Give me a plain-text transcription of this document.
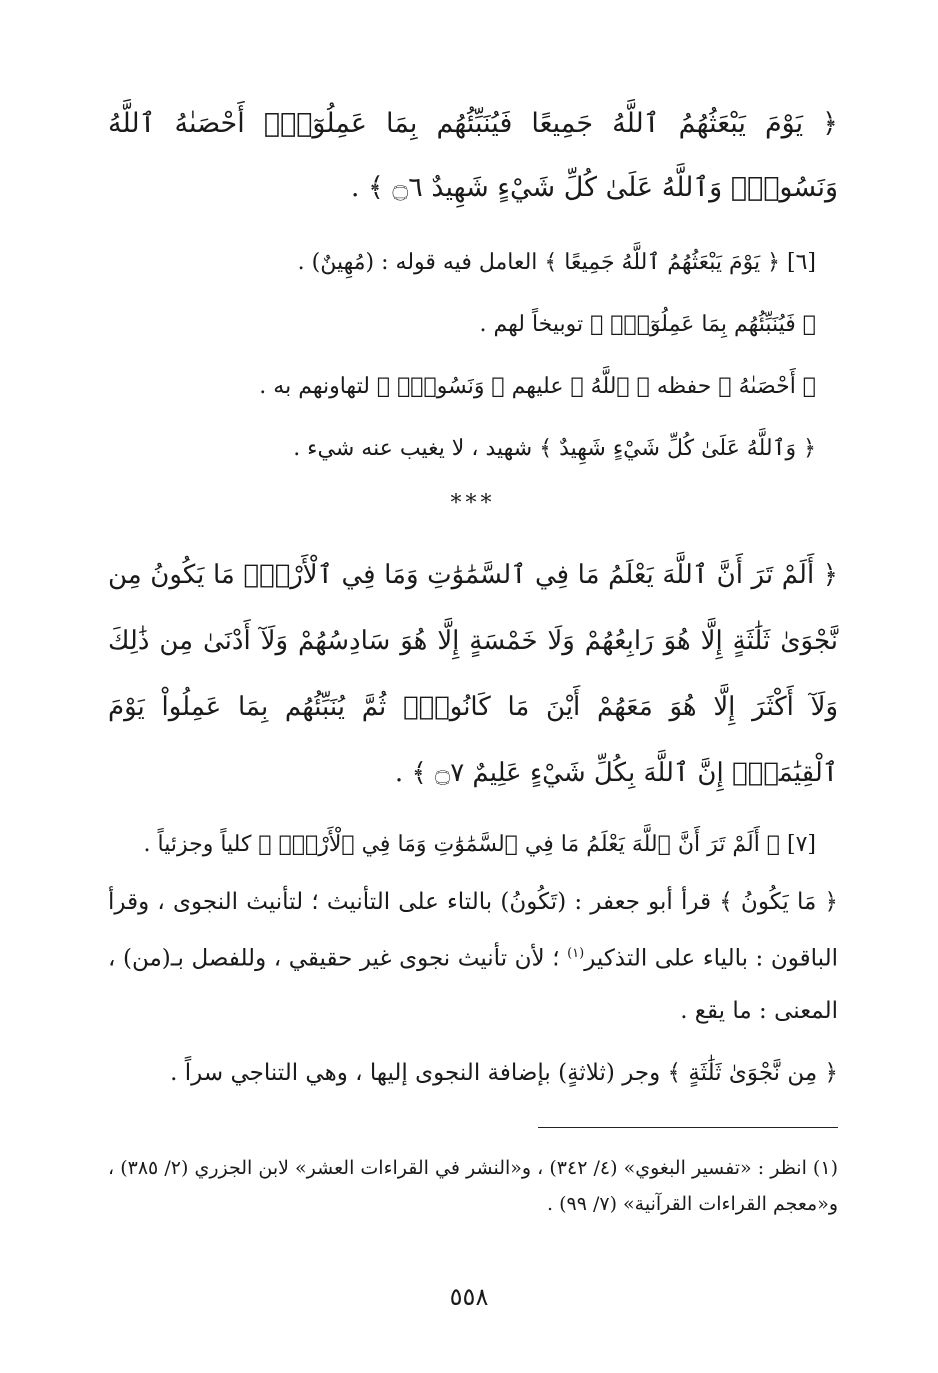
﴿ يَوْمَ يَبْعَثُهُمُ ٱللَّهُ جَمِيعًا فَيُنَبِّئُهُم بِمَا عَمِلُوٓاْۚ أَحْصَىٰهُ ٱللَّهُ وَنَسُوهُۚ وَٱللَّهُ عَلَىٰ كُلِّ شَيْءٍ شَهِيدٌ ۝٦ ﴾ .

[٦] ﴿ يَوْمَ يَبْعَثُهُمُ ٱللَّهُ جَمِيعًا ﴾ العامل فيه قوله : (مُهِينٌ) .

﴿ فَيُنَبِّئُهُم بِمَا عَمِلُوٓاْۚ ﴾ توبيخاً لهم .

﴿ أَحْصَىٰهُ ﴾ حفظه ﴿ ٱللَّهُ ﴾ عليهم ﴿ وَنَسُوهُۚ ﴾ لتهاونهم به .

﴿ وَٱللَّهُ عَلَىٰ كُلِّ شَيْءٍ شَهِيدٌ ﴾ شهيد ، لا يغيب عنه شيء .

***

﴿ أَلَمْ تَرَ أَنَّ ٱللَّهَ يَعْلَمُ مَا فِي ٱلسَّمَٰوَٰتِ وَمَا فِي ٱلْأَرْضِۖ مَا يَكُونُ مِن نَّجْوَىٰ ثَلَٰثَةٍ إِلَّا هُوَ رَابِعُهُمْ وَلَا خَمْسَةٍ إِلَّا هُوَ سَادِسُهُمْ وَلَآ أَدْنَىٰ مِن ذَٰلِكَ وَلَآ أَكْثَرَ إِلَّا هُوَ مَعَهُمْ أَيْنَ مَا كَانُواْۖ ثُمَّ يُنَبِّئُهُم بِمَا عَمِلُواْ يَوْمَ ٱلْقِيَٰمَةِۚ إِنَّ ٱللَّهَ بِكُلِّ شَيْءٍ عَلِيمٌ ۝٧ ﴾ .

[٧] ﴿ أَلَمْ تَرَ أَنَّ ٱللَّهَ يَعْلَمُ مَا فِي ٱلسَّمَٰوَٰتِ وَمَا فِي ٱلْأَرْضِۖ ﴾ كلياً وجزئياً .

﴿ مَا يَكُونُ ﴾ قرأ أبو جعفر : (تَكُونُ) بالتاء على التأنيث ؛ لتأنيث النجوى ، وقرأ الباقون : بالياء على التذكير$^{(١)}$ ؛ لأن تأنيث نجوى غير حقيقي ، وللفصل بـ(من) ، المعنى : ما يقع .

﴿ مِن نَّجْوَىٰ ثَلَٰثَةٍ ﴾ وجر (ثلاثةٍ) بإضافة النجوى إليها ، وهي التناجي سراً .

(١) انظر : «تفسير البغوي» (٤/ ٣٤٢) ، و«النشر في القراءات العشر» لابن الجزري (٢/ ٣٨٥) ، و«معجم القراءات القرآنية» (٧/ ٩٩) .

٥٥٨
